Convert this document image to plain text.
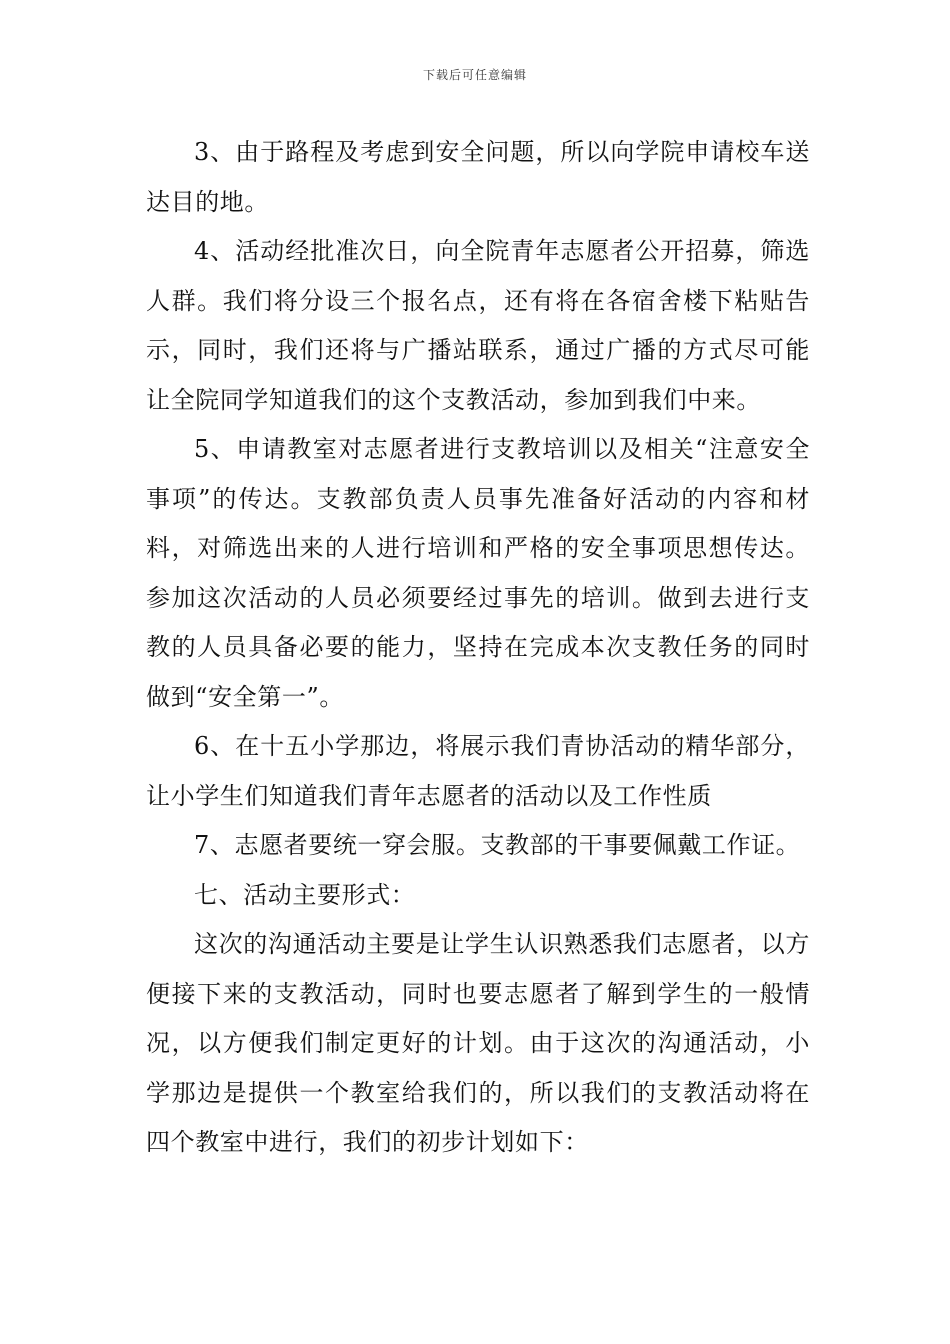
下载后可任意编辑

3、由于路程及考虑到安全问题，所以向学院申请校车送达目的地。

4、活动经批准次日，向全院青年志愿者公开招募，筛选人群。我们将分设三个报名点，还有将在各宿舍楼下粘贴告示，同时，我们还将与广播站联系，通过广播的方式尽可能让全院同学知道我们的这个支教活动，参加到我们中来。

5、申请教室对志愿者进行支教培训以及相关“注意安全事项”的传达。支教部负责人员事先准备好活动的内容和材料，对筛选出来的人进行培训和严格的安全事项思想传达。参加这次活动的人员必须要经过事先的培训。做到去进行支教的人员具备必要的能力，坚持在完成本次支教任务的同时做到“安全第一”。

6、在十五小学那边，将展示我们青协活动的精华部分，让小学生们知道我们青年志愿者的活动以及工作性质

7、志愿者要统一穿会服。支教部的干事要佩戴工作证。

七、活动主要形式：

这次的沟通活动主要是让学生认识熟悉我们志愿者，以方便接下来的支教活动，同时也要志愿者了解到学生的一般情况，以方便我们制定更好的计划。由于这次的沟通活动，小学那边是提供一个教室给我们的，所以我们的支教活动将在四个教室中进行，我们的初步计划如下：
